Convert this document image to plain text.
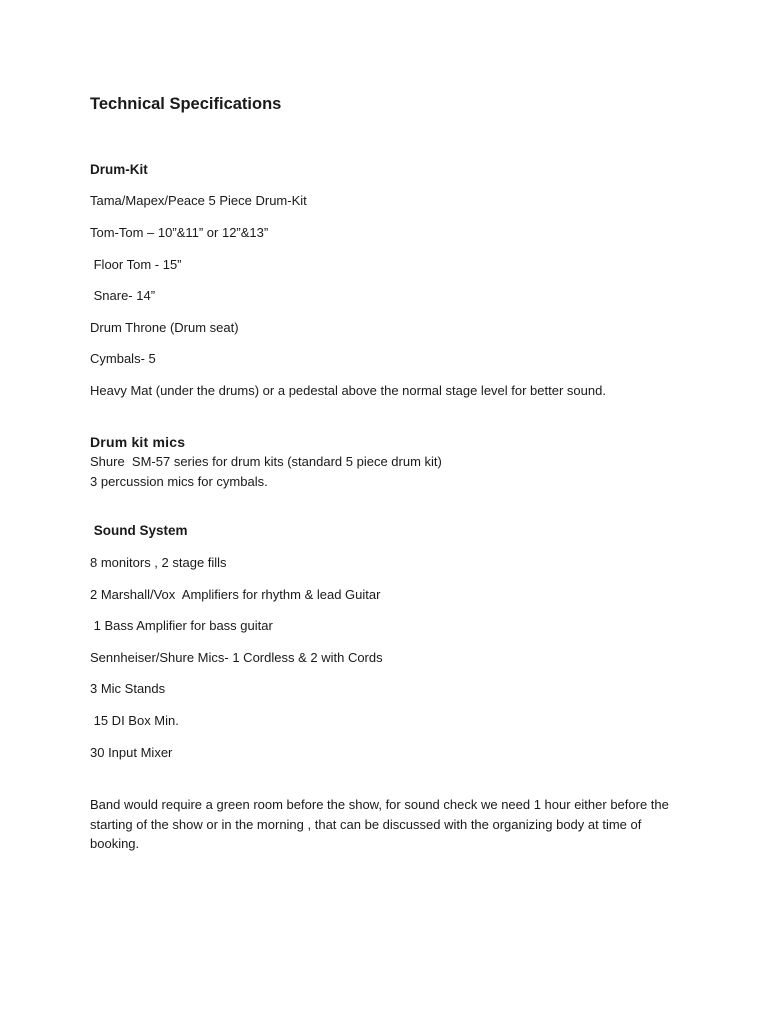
Technical Specifications
Drum-Kit
Tama/Mapex/Peace 5 Piece Drum-Kit
Tom-Tom – 10”&11” or 12”&13”
Floor Tom - 15”
Snare- 14”
Drum Throne (Drum seat)
Cymbals- 5
Heavy Mat (under the drums) or a pedestal above the normal stage level for better sound.
Drum kit mics
Shure  SM-57 series for drum kits (standard 5 piece drum kit)
3 percussion mics for cymbals.
Sound System
8 monitors , 2 stage fills
2 Marshall/Vox  Amplifiers for rhythm & lead Guitar
1 Bass Amplifier for bass guitar
Sennheiser/Shure Mics- 1 Cordless & 2 with Cords
3 Mic Stands
15 DI Box Min.
30 Input Mixer
Band would require a green room before the show, for sound check we need 1 hour either before the starting of the show or in the morning , that can be discussed with the organizing body at time of booking.
